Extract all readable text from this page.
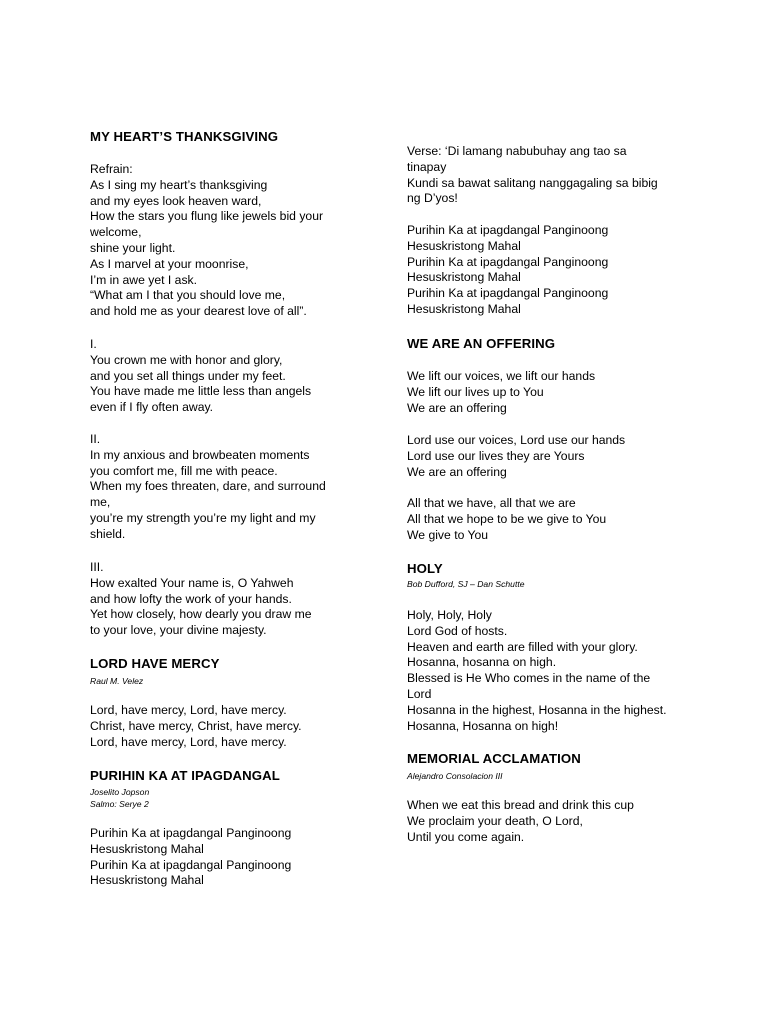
MY HEART’S THANKSGIVING
Refrain:
As I sing my heart’s thanksgiving
and my eyes look heaven ward,
How the stars you flung like jewels bid your
welcome,
shine your light.
As I marvel at your moonrise,
I’m in awe yet I ask.
“What am I that you should love me,
and hold me as your dearest love of all”.
I.
You crown me with honor and glory,
and you set all things under my feet.
You have made me little less than angels
even if I fly often away.
II.
In my anxious and browbeaten moments
you comfort me, fill me with peace.
When my foes threaten, dare, and surround
me,
you’re my strength you’re my light and my
shield.
III.
How exalted Your name is, O Yahweh
and how lofty the work of your hands.
Yet how closely, how dearly you draw me
to your love, your divine majesty.
LORD HAVE MERCY
Raul M. Velez
Lord, have mercy, Lord, have mercy.
Christ, have mercy, Christ, have mercy.
Lord, have mercy, Lord, have mercy.
PURIHIN KA AT IPAGDANGAL
Joselito Jopson
Salmo: Serye 2
Purihin Ka at ipagdangal Panginoong
Hesuskristong Mahal
Purihin Ka at ipagdangal Panginoong
Hesuskristong Mahal
Verse: ‘Di lamang nabubuhay ang tao sa
tinapay
Kundi sa bawat salitang nanggagaling sa bibig
ng D’yos!
Purihin Ka at ipagdangal Panginoong
Hesuskristong Mahal
Purihin Ka at ipagdangal Panginoong
Hesuskristong Mahal
Purihin Ka at ipagdangal Panginoong
Hesuskristong Mahal
WE ARE AN OFFERING
We lift our voices, we lift our hands
We lift our lives up to You
We are an offering
Lord use our voices, Lord use our hands
Lord use our lives they are Yours
We are an offering
All that we have, all that we are
All that we hope to be we give to You
We give to You
HOLY
Bob Dufford, SJ – Dan Schutte
Holy, Holy, Holy
Lord God of hosts.
Heaven and earth are filled with your glory.
Hosanna, hosanna on high.
Blessed is He Who comes in the name of the
Lord
Hosanna in the highest, Hosanna in the highest.
Hosanna, Hosanna on high!
MEMORIAL ACCLAMATION
Alejandro Consolacion III
When we eat this bread and drink this cup
We proclaim your death, O Lord,
Until you come again.
